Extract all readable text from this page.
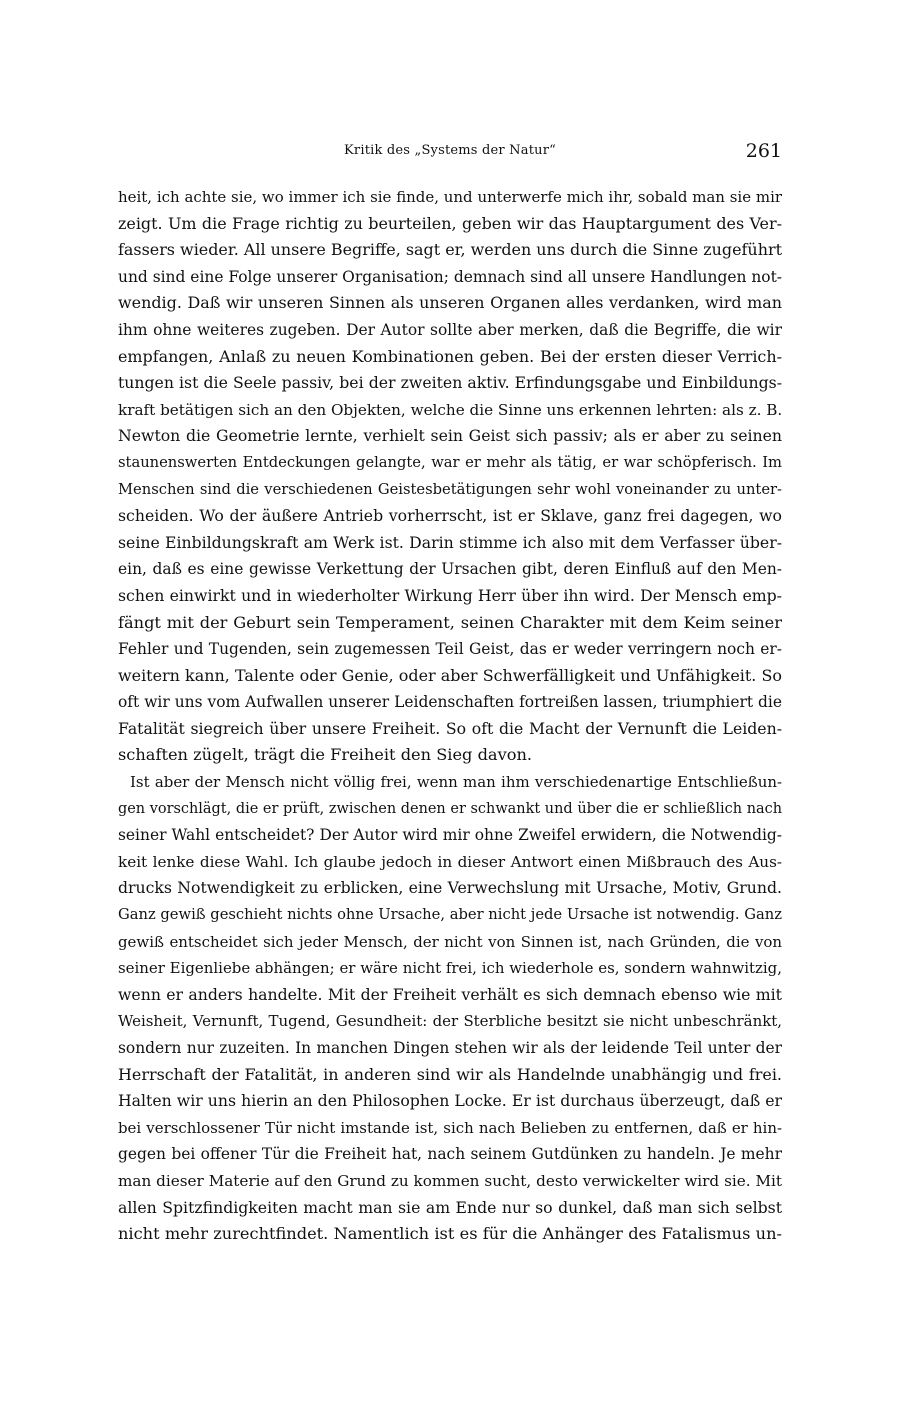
Kritik des „Systems der Natur“	261
heit, ich achte sie, wo immer ich sie finde, und unterwerfe mich ihr, sobald man sie mir
zeigt. Um die Frage richtig zu beurteilen, geben wir das Hauptargument des Ver-
fassers wieder. All unsere Begriffe, sagt er, werden uns durch die Sinne zugeführt
und sind eine Folge unserer Organisation; demnach sind all unsere Handlungen not-
wendig. Daß wir unseren Sinnen als unseren Organen alles verdanken, wird man
ihm ohne weiteres zugeben. Der Autor sollte aber merken, daß die Begriffe, die wir
empfangen, Anlaß zu neuen Kombinationen geben. Bei der ersten dieser Verrich-
tungen ist die Seele passiv, bei der zweiten aktiv. Erfindungsgabe und Einbildungs-
kraft betätigen sich an den Objekten, welche die Sinne uns erkennen lehrten: als z. B.
Newton die Geometrie lernte, verhielt sein Geist sich passiv; als er aber zu seinen
staunenswerten Entdeckungen gelangte, war er mehr als tätig, er war schöpferisch. Im
Menschen sind die verschiedenen Geistesbetätigungen sehr wohl voneinander zu unter-
scheiden. Wo der äußere Antrieb vorherrscht, ist er Sklave, ganz frei dagegen, wo
seine Einbildungskraft am Werk ist. Darin stimme ich also mit dem Verfasser über-
ein, daß es eine gewisse Verkettung der Ursachen gibt, deren Einfluß auf den Men-
schen einwirkt und in wiederholter Wirkung Herr über ihn wird. Der Mensch emp-
fängt mit der Geburt sein Temperament, seinen Charakter mit dem Keim seiner
Fehler und Tugenden, sein zugemessen Teil Geist, das er weder verringern noch er-
weitern kann, Talente oder Genie, oder aber Schwerfälligkeit und Unfähigkeit. So
oft wir uns vom Aufwallen unserer Leidenschaften fortreißen lassen, triumphiert die
Fatalität siegreich über unsere Freiheit. So oft die Macht der Vernunft die Leiden-
schaften zügelt, trägt die Freiheit den Sieg davon.
Ist aber der Mensch nicht völlig frei, wenn man ihm verschiedenartige Entschließun-
gen vorschlägt, die er prüft, zwischen denen er schwankt und über die er schließlich nach
seiner Wahl entscheidet? Der Autor wird mir ohne Zweifel erwidern, die Notwendig-
keit lenke diese Wahl. Ich glaube jedoch in dieser Antwort einen Mißbrauch des Aus-
drucks Notwendigkeit zu erblicken, eine Verwechslung mit Ursache, Motiv, Grund.
Ganz gewiß geschieht nichts ohne Ursache, aber nicht jede Ursache ist notwendig. Ganz
gewiß entscheidet sich jeder Mensch, der nicht von Sinnen ist, nach Gründen, die von
seiner Eigenliebe abhängen; er wäre nicht frei, ich wiederhole es, sondern wahnwitzig,
wenn er anders handelte. Mit der Freiheit verhält es sich demnach ebenso wie mit
Weisheit, Vernunft, Tugend, Gesundheit: der Sterbliche besitzt sie nicht unbeschränkt,
sondern nur zuzeiten. In manchen Dingen stehen wir als der leidende Teil unter der
Herrschaft der Fatalität, in anderen sind wir als Handelnde unabhängig und frei.
Halten wir uns hierin an den Philosophen Locke. Er ist durchaus überzeugt, daß er
bei verschlossener Tür nicht imstande ist, sich nach Belieben zu entfernen, daß er hin-
gegen bei offener Tür die Freiheit hat, nach seinem Gutdünken zu handeln. Je mehr
man dieser Materie auf den Grund zu kommen sucht, desto verwickelter wird sie. Mit
allen Spitzfindigkeiten macht man sie am Ende nur so dunkel, daß man sich selbst
nicht mehr zurechtfindet. Namentlich ist es für die Anhänger des Fatalismus un-
